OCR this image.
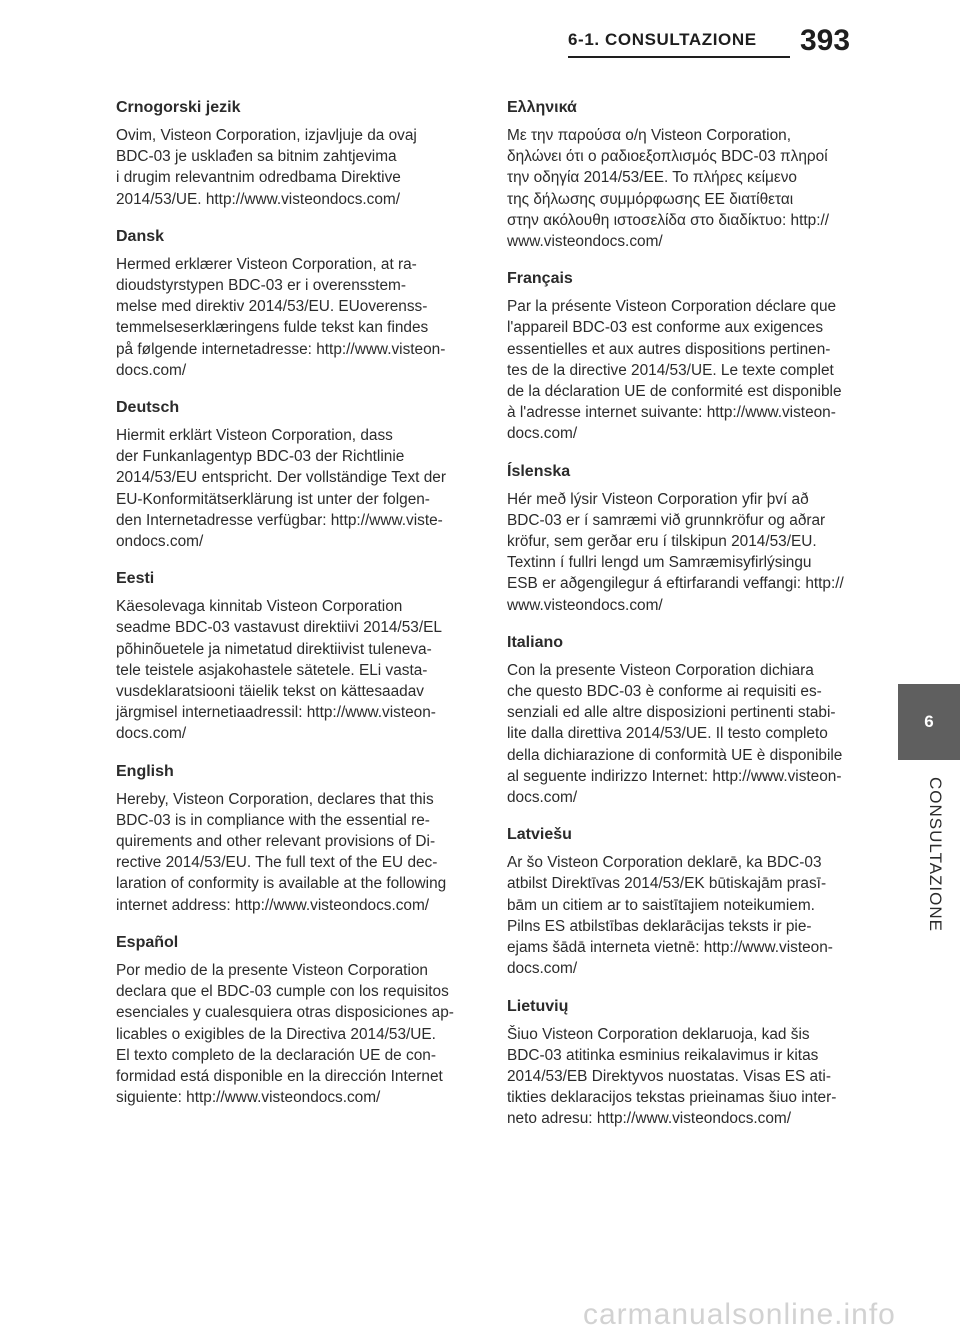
6-1. CONSULTAZIONE	393
Crnogorski jezik
Ovim, Visteon Corporation, izjavljuje da ovaj
BDC-03 je usklađen sa bitnim zahtjevima
i drugim relevantnim odredbama Direktive
2014/53/UE. http://www.visteondocs.com/
Dansk
Hermed erklærer Visteon Corporation, at ra-
dioudstyrstypen BDC-03 er i overensstem-
melse med direktiv 2014/53/EU. EUoverenss-
temmelseserklæringens fulde tekst kan findes
på følgende internetadresse: http://www.visteon-
docs.com/
Deutsch
Hiermit erklärt Visteon Corporation, dass
der Funkanlagentyp BDC-03 der Richtlinie
2014/53/EU entspricht. Der vollständige Text der
EU-Konformitätserklärung ist unter der folgen-
den Internetadresse verfügbar: http://www.viste-
ondocs.com/
Eesti
Käesolevaga kinnitab Visteon Corporation
seadme BDC-03 vastavust direktiivi 2014/53/EL
põhinõuetele ja nimetatud direktiivist tuleneva-
tele teistele asjakohastele sätetele. ELi vasta-
vusdeklaratsiooni täielik tekst on kättesaadav
järgmisel internetiaadressil: http://www.visteon-
docs.com/
English
Hereby, Visteon Corporation, declares that this
BDC-03 is in compliance with the essential re-
quirements and other relevant provisions of Di-
rective 2014/53/EU. The full text of the EU dec-
laration of conformity is available at the following
internet address: http://www.visteondocs.com/
Español
Por medio de la presente Visteon Corporation
declara que el BDC-03 cumple con los requisitos
esenciales y cualesquiera otras disposiciones ap-
licables o exigibles de la Directiva 2014/53/UE.
El texto completo de la declaración UE de con-
formidad está disponible en la dirección Internet
siguiente: http://www.visteondocs.com/
Ελληνικά
Με την παρούσα ο/η Visteon Corporation,
δηλώνει ότι ο ραδιοεξοπλισμός BDC-03 πληροί
την οδηγία 2014/53/ΕΕ. Το πλήρες κείμενο
της δήλωσης συμμόρφωσης ΕΕ διατίθεται
στην ακόλουθη ιστοσελίδα στο διαδίκτυο: http://
www.visteondocs.com/
Français
Par la présente Visteon Corporation déclare que
l'appareil BDC-03 est conforme aux exigences
essentielles et aux autres dispositions pertinen-
tes de la directive 2014/53/UE. Le texte complet
de la déclaration UE de conformité est disponible
à l'adresse internet suivante: http://www.visteon-
docs.com/
Íslenska
Hér með lýsir Visteon Corporation yfir því að
BDC-03 er í samræmi við grunnkröfur og aðrar
kröfur, sem gerðar eru í tilskipun 2014/53/EU.
Textinn í fullri lengd um Samræmisyfirlýsingu
ESB er aðgengilegur á eftirfarandi veffangi: http://
www.visteondocs.com/
Italiano
Con la presente Visteon Corporation dichiara
che questo BDC-03 è conforme ai requisiti es-
senziali ed alle altre disposizioni pertinenti stabi-
lite dalla direttiva 2014/53/UE. Il testo completo
della dichiarazione di conformità UE è disponibile
al seguente indirizzo Internet: http://www.visteon-
docs.com/
Latviešu
Ar šo Visteon Corporation deklarē, ka BDC-03
atbilst Direktīvas 2014/53/EK būtiskajām prasī-
bām un citiem ar to saistītajiem noteikumiem.
Pilns ES atbilstības deklarācijas teksts ir pie-
ejams šādā interneta vietnē: http://www.visteon-
docs.com/
Lietuvių
Šiuo Visteon Corporation deklaruoja, kad šis
BDC-03 atitinka esminius reikalavimus ir kitas
2014/53/EB Direktyvos nuostatas. Visas ES ati-
tikties deklaracijos tekstas prieinamas šiuo inter-
neto adresu: http://www.visteondocs.com/
6
CONSULTAZIONE
carmanualsonline.info
